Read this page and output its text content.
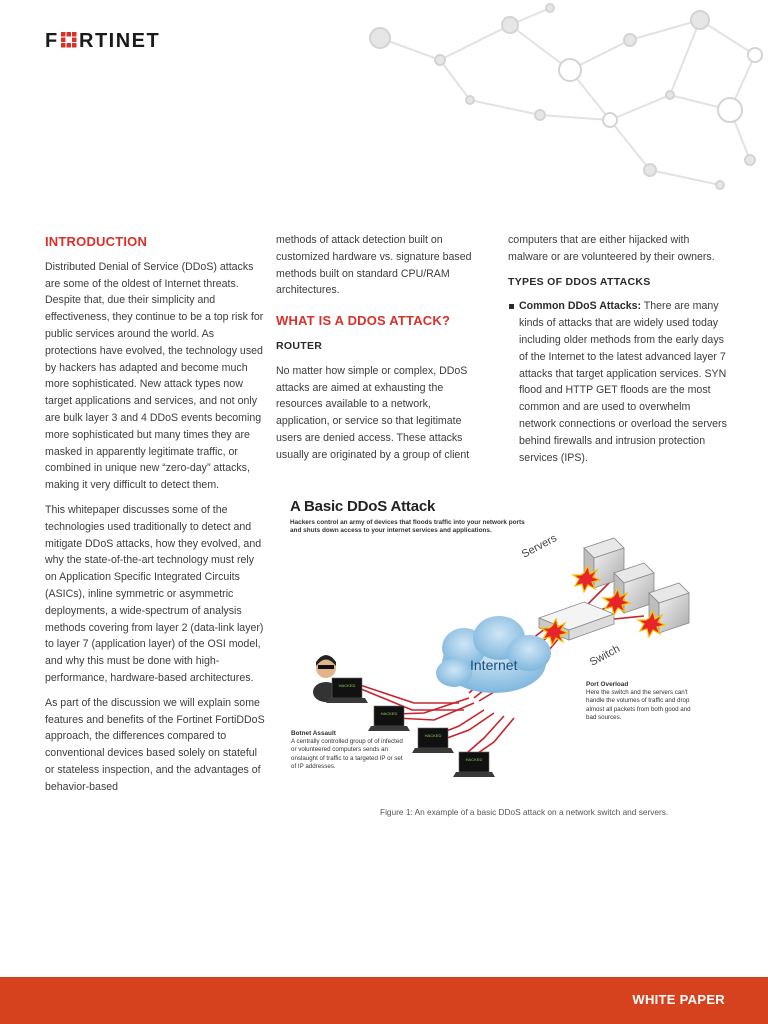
F RTINET
INTRODUCTION

Distributed Denial of Service (DDoS) attacks are some of the oldest of Internet threats. Despite that, due their simplicity and effectiveness, they continue to be a top risk for public services around the world. As protections have evolved, the technology used by hackers has adapted and become much more sophisticated. New attack types now target applications and services, and not only are bulk layer 3 and 4 DDoS events becoming more sophisticated but many times they are masked in apparently legitimate traffic, or combined in unique new “zero-day” attacks, making it very difficult to detect them.

This whitepaper discusses some of the technologies used traditionally to detect and mitigate DDoS attacks, how they evolved, and why the state-of-the-art technology must rely on Application Specific Integrated Circuits (ASICs), inline symmetric or asymmetric deployments, a wide-spectrum of analysis methods covering from layer 2 (data-link layer) to layer 7 (application layer) of the OSI model, and why this must be done with high-performance, hardware-based architectures.

As part of the discussion we will explain some features and benefits of the Fortinet FortiDDoS approach, the differences compared to conventional devices based solely on stateful or stateless inspection, and the advantages of behavior-based

methods of attack detection built on customized hardware vs. signature based methods built on standard CPU/RAM architectures.

WHAT IS A DDOS ATTACK?
ROUTER

No matter how simple or complex, DDoS attacks are aimed at exhausting the resources available to a network, application, or service so that legitimate users are denied access. These attacks usually are originated by a group of client

computers that are either hijacked with malware or are volunteered by their owners.

TYPES OF DDOS ATTACKS
Common DDoS Attacks: There are many kinds of attacks that are widely used today including older methods from the early days of the Internet to the latest advanced layer 7 attacks that target application services. SYN flood and HTTP GET floods are the most common and are used to overwhelm network connections or overload the servers behind firewalls and intrusion protection services (IPS).
HACKED
HACKED
HACKED
HACKED
Servers
Switch
Internet
A Basic DDoS Attack
Hackers control an army of devices that floods traffic into your network ports and shuts down access to your internet services and applications.
Botnet Assault
A centrally controlled group of of infected or volunteered computers sends an onslaught of traffic to a targeted IP or set of IP addresses.
Port Overload
Here the switch and the servers can't handle the volumes of traffic and drop almost all packets from both good and bad sources.
Figure 1: An example of a basic DDoS attack on a network switch and servers.
WHITE PAPER
